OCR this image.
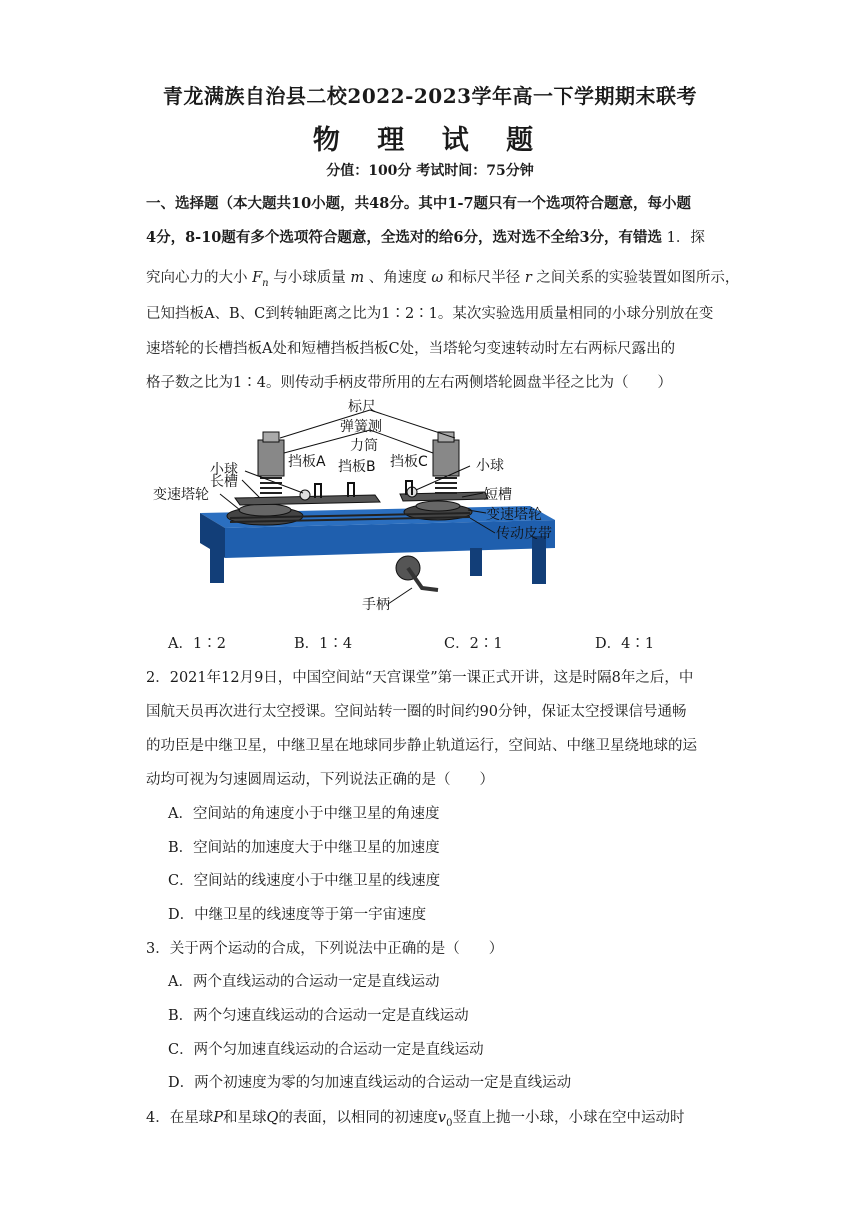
青龙满族自治县二校2022-2023学年高一下学期期末联考
物 理 试 题
分值：100分 考试时间：75分钟
一、选择题（本大题共10小题，共48分。其中1-7题只有一个选项符合题意，每小题
4分，8-10题有多个选项符合题意，全选对的给6分，选对选不全给3分，有错选 1．探
究向心力的大小 $F_n$ 与小球质量 m 、角速度 ω 和标尺半径 r 之间关系的实验装置如图所示，
已知挡板A、B、C到转轴距离之比为1∶2∶1。某次实验选用质量相同的小球分别放在变
速塔轮的长槽挡板A处和短槽挡板挡板C处，当塔轮匀变速转动时左右两标尺露出的
格子数之比为1∶4。则传动手柄皮带所用的左右两侧塔轮圆盘半径之比为（　　）
标尺
弹簧测
力筒
小球	挡板A 挡板B 挡板C	小球
长槽
短槽
变速塔轮
变速塔轮
传动皮带
手柄
A．1∶2	B．1∶4	C．2∶1	D．4∶1
2．2021年12月9日，中国空间站“天宫课堂”第一课正式开讲，这是时隔8年之后，中
国航天员再次进行太空授课。空间站转一圈的时间约90分钟，保证太空授课信号通畅
的功臣是中继卫星，中继卫星在地球同步静止轨道运行，空间站、中继卫星绕地球的运
动均可视为匀速圆周运动，下列说法正确的是（　　）
A．空间站的角速度小于中继卫星的角速度
B．空间站的加速度大于中继卫星的加速度
C．空间站的线速度小于中继卫星的线速度
D．中继卫星的线速度等于第一宇宙速度
3．关于两个运动的合成，下列说法中正确的是（　　）
A．两个直线运动的合运动一定是直线运动
B．两个匀速直线运动的合运动一定是直线运动
C．两个匀加速直线运动的合运动一定是直线运动
D．两个初速度为零的匀加速直线运动的合运动一定是直线运动
4．在星球P和星球Q的表面，以相同的初速度$v_0$竖直上抛一小球，小球在空中运动时
